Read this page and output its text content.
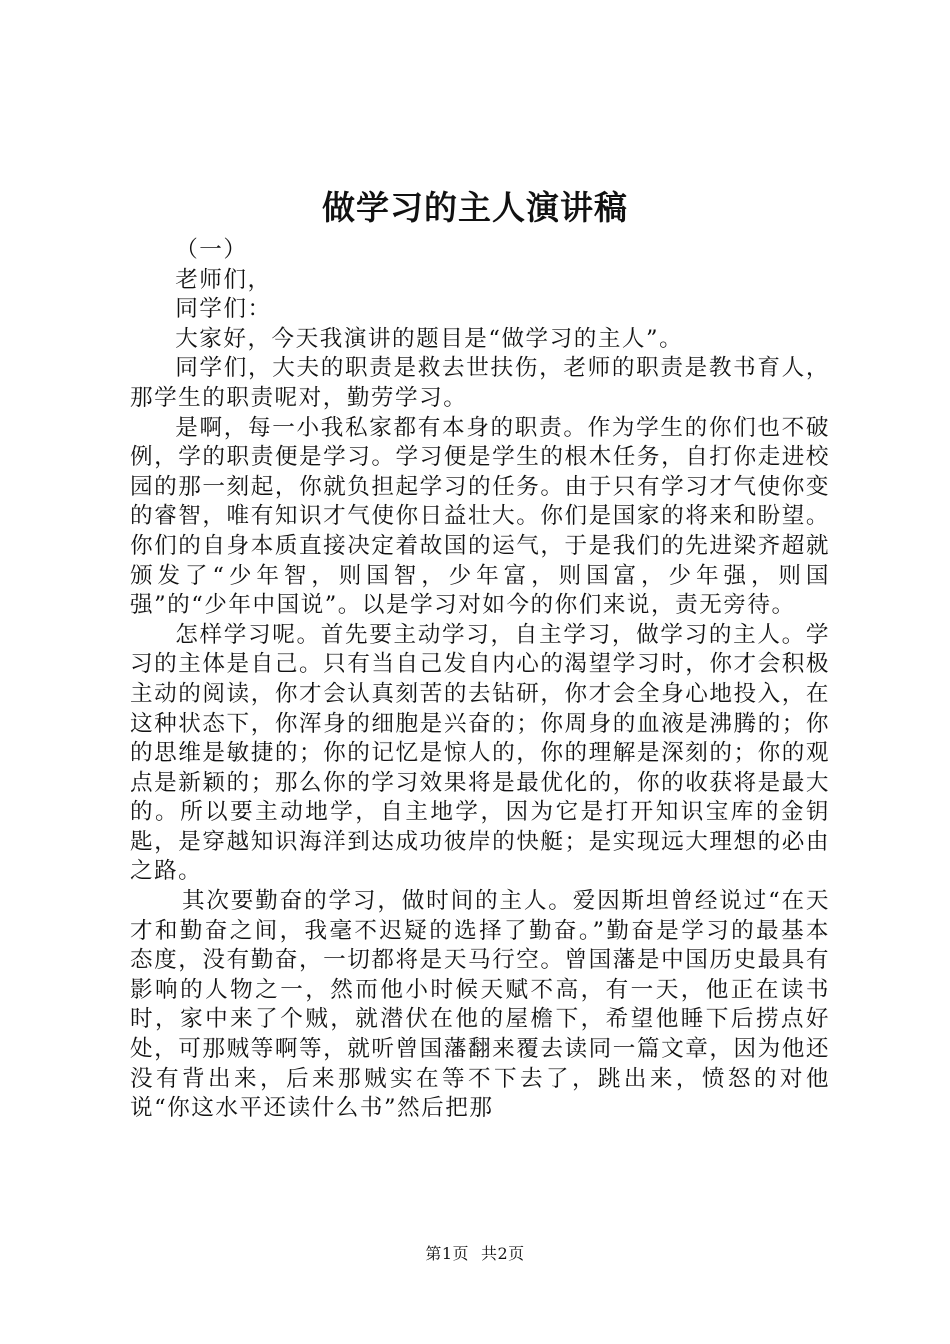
做学习的主人演讲稿

（一）

老师们，

同学们：

大家好，今天我演讲的题目是“做学习的主人”。

同学们，大夫的职责是救去世扶伤，老师的职责是教书育人，那学生的职责呢对，勤劳学习。

是啊，每一小我私家都有本身的职责。作为学生的你们也不破例，学的职责便是学习。学习便是学生的根木任务，自打你走进校园的那一刻起，你就负担起学习的任务。由于只有学习才气使你变的睿智，唯有知识才气使你日益壮大。你们是国家的将来和盼望。你们的自身本质直接决定着故国的运气，于是我们的先进梁齐超就颁发了“少年智，则国智，少年富，则国富，少年强，则国强”的“少年中国说”。以是学习对如今的你们来说，责无旁待。

怎样学习呢。首先要主动学习，自主学习，做学习的主人。学习的主体是自己。只有当自己发自内心的渴望学习时，你才会积极主动的阅读，你才会认真刻苦的去钻研，你才会全身心地投入，在这种状态下，你浑身的细胞是兴奋的；你周身的血液是沸腾的；你的思维是敏捷的；你的记忆是惊人的，你的理解是深刻的；你的观点是新颖的；那么你的学习效果将是最优化的，你的收获将是最大的。所以要主动地学，自主地学，因为它是打开知识宝库的金钥匙，是穿越知识海洋到达成功彼岸的快艇；是实现远大理想的必由之路。

其次要勤奋的学习，做时间的主人。爱因斯坦曾经说过“在天才和勤奋之间，我毫不迟疑的选择了勤奋。”勤奋是学习的最基本态度，没有勤奋，一切都将是天马行空。曾国藩是中国历史最具有影响的人物之一，然而他小时候天赋不高，有一天，他正在读书时，家中来了个贼，就潜伏在他的屋檐下，希望他睡下后捞点好处，可那贼等啊等，就听曾国藩翻来覆去读同一篇文章，因为他还没有背出来，后来那贼实在等不下去了，跳出来，愤怒的对他说“你这水平还读什么书”然后把那

第1页 共2页
